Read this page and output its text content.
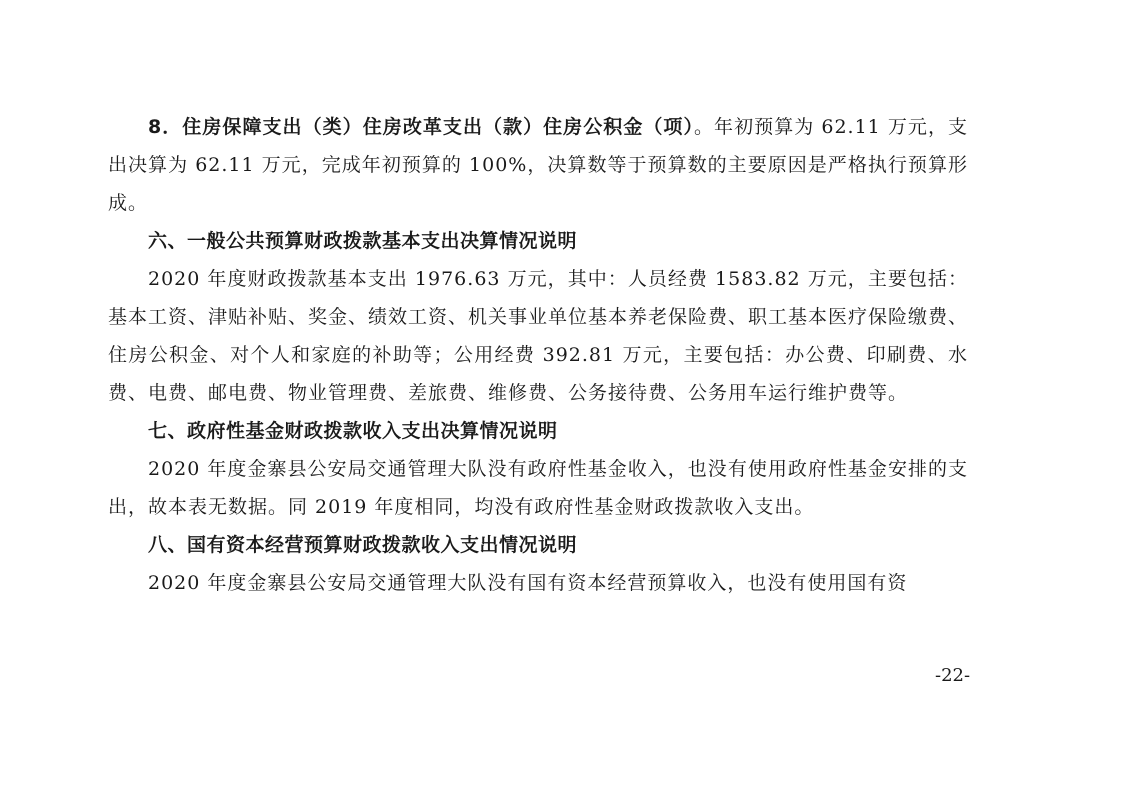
8．住房保障支出（类）住房改革支出（款）住房公积金（项）。年初预算为 62.11 万元，支出决算为 62.11 万元，完成年初预算的 100%，决算数等于预算数的主要原因是严格执行预算形成。

六、一般公共预算财政拨款基本支出决算情况说明

2020 年度财政拨款基本支出 1976.63 万元，其中：人员经费 1583.82 万元，主要包括：基本工资、津贴补贴、奖金、绩效工资、机关事业单位基本养老保险费、职工基本医疗保险缴费、住房公积金、对个人和家庭的补助等；公用经费 392.81 万元，主要包括：办公费、印刷费、水费、电费、邮电费、物业管理费、差旅费、维修费、公务接待费、公务用车运行维护费等。

七、政府性基金财政拨款收入支出决算情况说明

2020 年度金寨县公安局交通管理大队没有政府性基金收入，也没有使用政府性基金安排的支出，故本表无数据。同 2019 年度相同，均没有政府性基金财政拨款收入支出。

八、国有资本经营预算财政拨款收入支出情况说明

2020 年度金寨县公安局交通管理大队没有国有资本经营预算收入，也没有使用国有资

-22-
